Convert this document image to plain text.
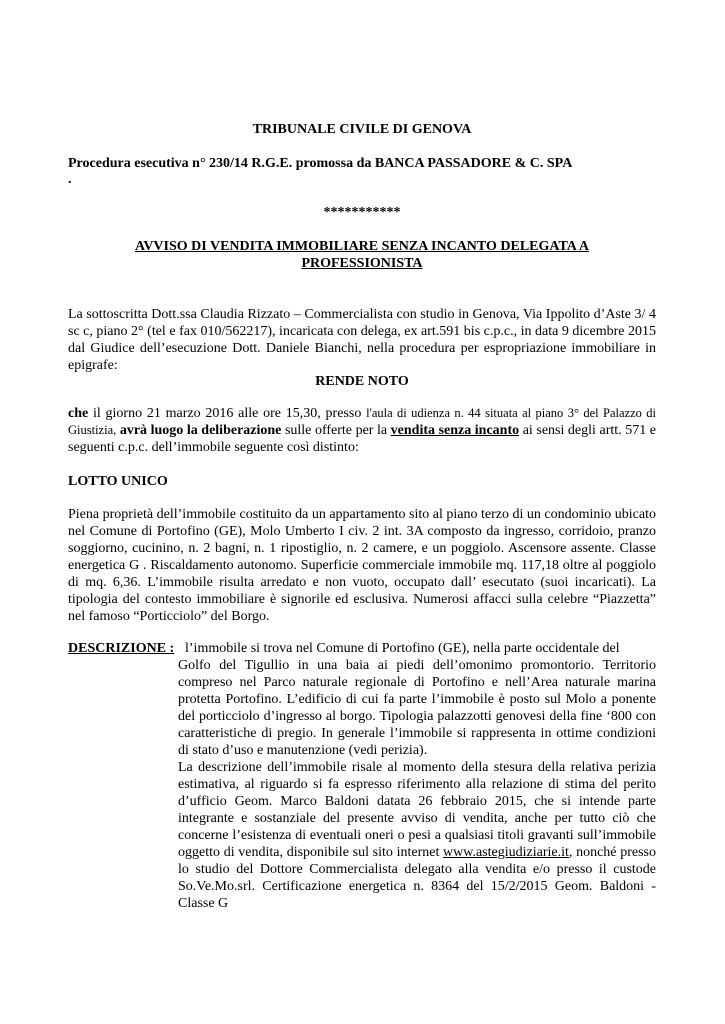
TRIBUNALE CIVILE DI GENOVA

Procedura esecutiva n° 230/14 R.G.E. promossa da BANCA PASSADORE & C. SPA

.

***********

AVVISO DI VENDITA IMMOBILIARE SENZA INCANTO DELEGATA A

PROFESSIONISTA

La sottoscritta Dott.ssa Claudia Rizzato – Commercialista con studio in Genova, Via Ippolito d’Aste 3/ 4 sc c, piano 2° (tel e fax 010/562217), incaricata con delega, ex art.591 bis c.p.c., in data 9 dicembre 2015 dal Giudice dell’esecuzione Dott. Daniele Bianchi, nella procedura per espropriazione immobiliare in epigrafe:

RENDE NOTO

che il giorno 21 marzo 2016 alle ore 15,30, presso l'aula di udienza n. 44 situata al piano 3° del Palazzo di Giustizia, avrà luogo la deliberazione sulle offerte per la vendita senza incanto ai sensi degli artt. 571 e seguenti c.p.c. dell’immobile seguente così distinto:

LOTTO UNICO

Piena proprietà dell’immobile costituito da un appartamento sito al piano terzo di un condominio ubicato nel Comune di Portofino (GE), Molo Umberto I civ. 2 int. 3A composto da ingresso, corridoio, pranzo soggiorno, cucinino, n. 2 bagni, n. 1 ripostiglio, n. 2 camere, e un poggiolo. Ascensore assente. Classe energetica G . Riscaldamento autonomo. Superficie commerciale immobile mq. 117,18 oltre al poggiolo di mq. 6,36. L’immobile risulta arredato e non vuoto, occupato dall’ esecutato (suoi incaricati). La tipologia del contesto immobiliare è signorile ed esclusiva. Numerosi affacci sulla celebre “Piazzetta” nel famoso “Porticciolo” del Borgo.

DESCRIZIONE : l’immobile si trova nel Comune di Portofino (GE), nella parte occidentale del

Golfo del Tigullio in una baia ai piedi dell’omonimo promontorio. Territorio compreso nel Parco naturale regionale di Portofino e nell’Area naturale marina protetta Portofino. L’edificio di cui fa parte l’immobile è posto sul Molo a ponente del porticciolo d’ingresso al borgo. Tipologia palazzotti genovesi della fine ‘800 con caratteristiche di pregio. In generale l’immobile si rappresenta in ottime condizioni di stato d’uso e manutenzione (vedi perizia).

La descrizione dell’immobile risale al momento della stesura della relativa perizia estimativa, al riguardo si fa espresso riferimento alla relazione di stima del perito d’ufficio Geom. Marco Baldoni datata 26 febbraio 2015, che si intende parte integrante e sostanziale del presente avviso di vendita, anche per tutto ciò che concerne l’esistenza di eventuali oneri o pesi a qualsiasi titoli gravanti sull’immobile oggetto di vendita, disponibile sul sito internet www.astegiudiziarie.it, nonché presso lo studio del Dottore Commercialista delegato alla vendita e/o presso il custode So.Ve.Mo.srl. Certificazione energetica n. 8364 del 15/2/2015 Geom. Baldoni - Classe G
